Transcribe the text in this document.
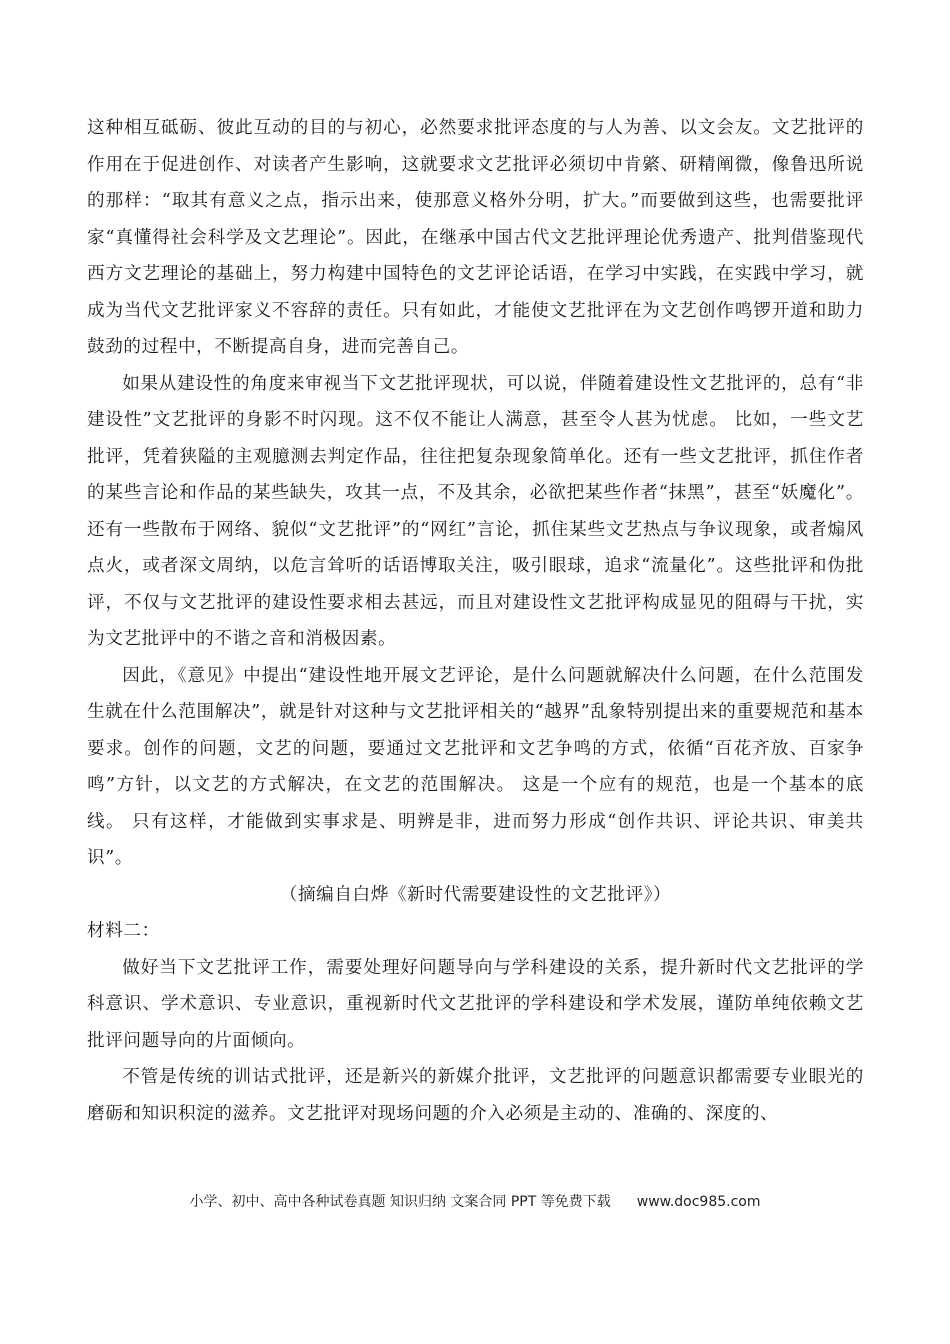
这种相互砥砺、彼此互动的目的与初心，必然要求批评态度的与人为善、以文会友。文艺批评的作用在于促进创作、对读者产生影响，这就要求文艺批评必须切中肯綮、研精阐微，像鲁迅所说的那样：“取其有意义之点，指示出来，使那意义格外分明，扩大。”而要做到这些，也需要批评家“真懂得社会科学及文艺理论”。因此，在继承中国古代文艺批评理论优秀遗产、批判借鉴现代西方文艺理论的基础上，努力构建中国特色的文艺评论话语，在学习中实践，在实践中学习，就成为当代文艺批评家义不容辞的责任。只有如此，才能使文艺批评在为文艺创作鸣锣开道和助力鼓劲的过程中，不断提高自身，进而完善自己。

如果从建设性的角度来审视当下文艺批评现状，可以说，伴随着建设性文艺批评的，总有“非建设性”文艺批评的身影不时闪现。这不仅不能让人满意，甚至令人甚为忧虑。 比如，一些文艺批评，凭着狭隘的主观臆测去判定作品，往往把复杂现象简单化。还有一些文艺批评，抓住作者的某些言论和作品的某些缺失，攻其一点，不及其余，必欲把某些作者“抹黑”，甚至“妖魔化”。还有一些散布于网络、貌似“文艺批评”的“网红”言论，抓住某些文艺热点与争议现象，或者煽风点火，或者深文周纳，以危言耸听的话语博取关注，吸引眼球，追求“流量化”。这些批评和伪批评，不仅与文艺批评的建设性要求相去甚远，而且对建设性文艺批评构成显见的阻碍与干扰，实为文艺批评中的不谐之音和消极因素。

因此，《意见》中提出“建设性地开展文艺评论，是什么问题就解决什么问题，在什么范围发生就在什么范围解决”，就是针对这种与文艺批评相关的“越界”乱象特别提出来的重要规范和基本要求。创作的问题，文艺的问题，要通过文艺批评和文艺争鸣的方式，依循“百花齐放、百家争鸣”方针，以文艺的方式解决，在文艺的范围解决。 这是一个应有的规范，也是一个基本的底线。 只有这样，才能做到实事求是、明辨是非，进而努力形成“创作共识、评论共识、审美共识”。

（摘编自白烨《新时代需要建设性的文艺批评》）

材料二：

做好当下文艺批评工作，需要处理好问题导向与学科建设的关系，提升新时代文艺批评的学科意识、学术意识、专业意识，重视新时代文艺批评的学科建设和学术发展，谨防单纯依赖文艺批评问题导向的片面倾向。

不管是传统的训诂式批评，还是新兴的新媒介批评，文艺批评的问题意识都需要专业眼光的磨砺和知识积淀的滋养。文艺批评对现场问题的介入必须是主动的、准确的、深度的、

小学、初中、高中各种试卷真题 知识归纳 文案合同 PPT 等免费下载 www.doc985.com
